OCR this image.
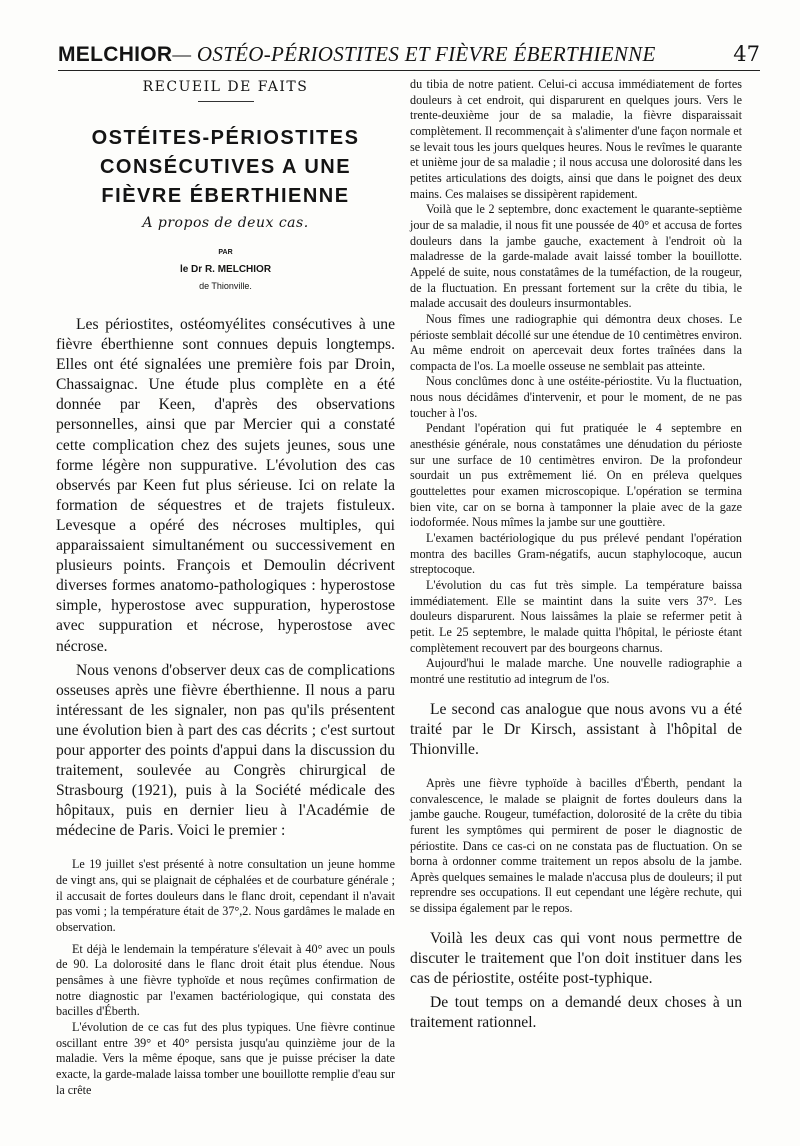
MELCHIOR— OSTÉO-PÉRIOSTITES ET FIÈVRE ÉBERTHIENNE	47
RECUEIL DE FAITS
OSTÉITES-PÉRIOSTITES
CONSÉCUTIVES A UNE
FIÈVRE ÉBERTHIENNE
A propos de deux cas.
PAR
le Dr R. MELCHIOR
de Thionville.

Les périostites, ostéomyélites consécutives à une fièvre éberthienne sont connues depuis longtemps. Elles ont été signalées une première fois par Droin, Chassaignac. Une étude plus complète en a été donnée par Keen, d'après des observations personnelles, ainsi que par Mercier qui a constaté cette complication chez des sujets jeunes, sous une forme légère non suppurative. L'évolution des cas observés par Keen fut plus sérieuse. Ici on relate la formation de séquestres et de trajets fistuleux. Levesque a opéré des nécroses multiples, qui apparaissaient simultanément ou successivement en plusieurs points. François et Demoulin décrivent diverses formes anatomo-pathologiques : hyperostose simple, hyperostose avec suppuration, hyperostose avec suppuration et nécrose, hyperostose avec nécrose.

Nous venons d'observer deux cas de complications osseuses après une fièvre éberthienne. Il nous a paru intéressant de les signaler, non pas qu'ils présentent une évolution bien à part des cas décrits ; c'est surtout pour apporter des points d'appui dans la discussion du traitement, soulevée au Congrès chirurgical de Strasbourg (1921), puis à la Société médicale des hôpitaux, puis en dernier lieu à l'Académie de médecine de Paris. Voici le premier :

Le 19 juillet s'est présenté à notre consultation un jeune homme de vingt ans, qui se plaignait de céphalées et de courbature générale ; il accusait de fortes douleurs dans le flanc droit, cependant il n'avait pas vomi ; la température était de 37°,2. Nous gardâmes le malade en observation.

Et déjà le lendemain la température s'élevait à 40° avec un pouls de 90. La dolorosité dans le flanc droit était plus étendue. Nous pensâmes à une fièvre typhoïde et nous reçûmes confirmation de notre diagnostic par l'examen bactériologique, qui constata des bacilles d'Éberth.

L'évolution de ce cas fut des plus typiques. Une fièvre continue oscillant entre 39° et 40° persista jusqu'au quinzième jour de la maladie. Vers la même époque, sans que je puisse préciser la date exacte, la garde-malade laissa tomber une bouillotte remplie d'eau sur la crête

du tibia de notre patient. Celui-ci accusa immédiatement de fortes douleurs à cet endroit, qui disparurent en quelques jours. Vers le trente-deuxième jour de sa maladie, la fièvre disparaissait complètement. Il recommençait à s'alimenter d'une façon normale et se levait tous les jours quelques heures. Nous le revîmes le quarante et unième jour de sa maladie ; il nous accusa une dolorosité dans les petites articulations des doigts, ainsi que dans le poignet des deux mains. Ces malaises se dissipèrent rapidement.

Voilà que le 2 septembre, donc exactement le quarante-septième jour de sa maladie, il nous fit une poussée de 40° et accusa de fortes douleurs dans la jambe gauche, exactement à l'endroit où la maladresse de la garde-malade avait laissé tomber la bouillotte. Appelé de suite, nous constatâmes de la tuméfaction, de la rougeur, de la fluctuation. En pressant fortement sur la crête du tibia, le malade accusait des douleurs insurmontables.

Nous fîmes une radiographie qui démontra deux choses. Le périoste semblait décollé sur une étendue de 10 centimètres environ. Au même endroit on apercevait deux fortes traînées dans la compacta de l'os. La moelle osseuse ne semblait pas atteinte.

Nous conclûmes donc à une ostéite-périostite. Vu la fluctuation, nous nous décidâmes d'intervenir, et pour le moment, de ne pas toucher à l'os.

Pendant l'opération qui fut pratiquée le 4 septembre en anesthésie générale, nous constatâmes une dénudation du périoste sur une surface de 10 centimètres environ. De la profondeur sourdait un pus extrêmement lié. On en préleva quelques gouttelettes pour examen microscopique. L'opération se termina bien vite, car on se borna à tamponner la plaie avec de la gaze iodoformée. Nous mîmes la jambe sur une gouttière.

L'examen bactériologique du pus prélevé pendant l'opération montra des bacilles Gram-négatifs, aucun staphylocoque, aucun streptocoque.

L'évolution du cas fut très simple. La température baissa immédiatement. Elle se maintint dans la suite vers 37°. Les douleurs disparurent. Nous laissâmes la plaie se refermer petit à petit. Le 25 septembre, le malade quitta l'hôpital, le périoste étant complètement recouvert par des bourgeons charnus.

Aujourd'hui le malade marche. Une nouvelle radiographie a montré une restitutio ad integrum de l'os.

Le second cas analogue que nous avons vu a été traité par le Dr Kirsch, assistant à l'hôpital de Thionville.

Après une fièvre typhoïde à bacilles d'Éberth, pendant la convalescence, le malade se plaignit de fortes douleurs dans la jambe gauche. Rougeur, tuméfaction, dolorosité de la crête du tibia furent les symptômes qui permirent de poser le diagnostic de périostite. Dans ce cas-ci on ne constata pas de fluctuation. On se borna à ordonner comme traitement un repos absolu de la jambe. Après quelques semaines le malade n'accusa plus de douleurs; il put reprendre ses occupations. Il eut cependant une légère rechute, qui se dissipa également par le repos.

Voilà les deux cas qui vont nous permettre de discuter le traitement que l'on doit instituer dans les cas de périostite, ostéite post-typhique.

De tout temps on a demandé deux choses à un traitement rationnel.
